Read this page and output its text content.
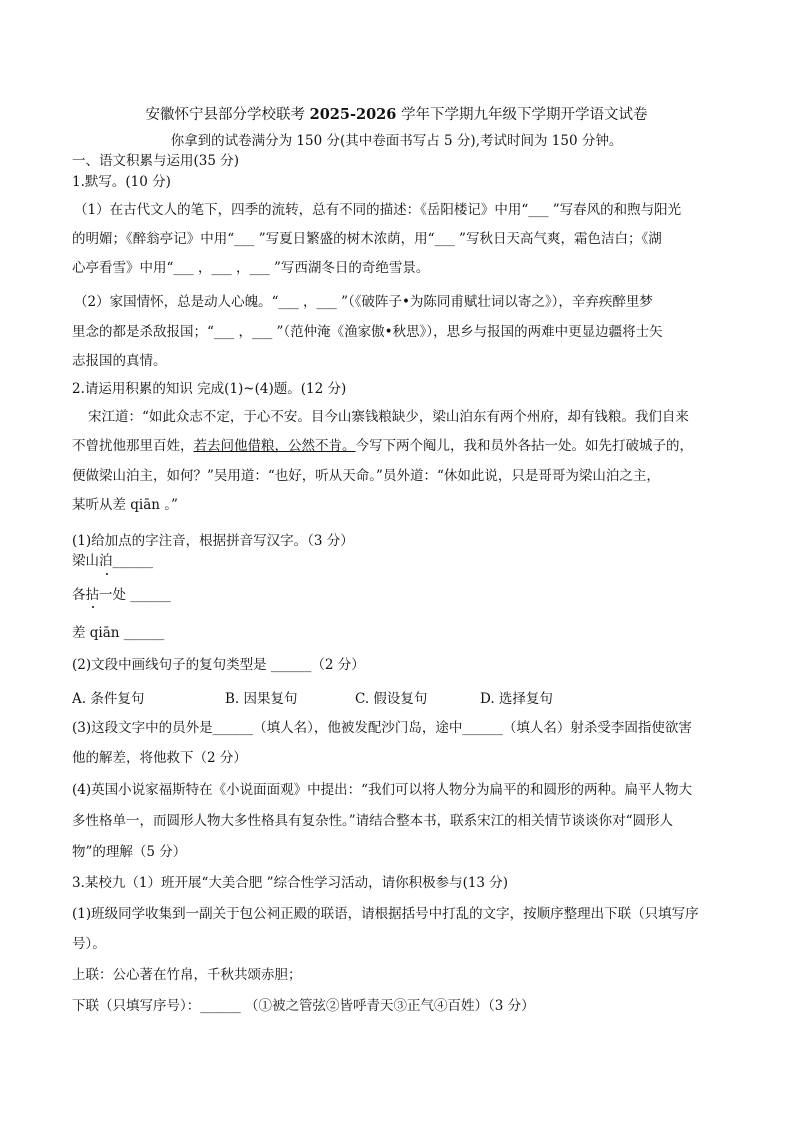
安徽怀宁县部分学校联考 2025-2026 学年下学期九年级下学期开学语文试卷
你拿到的试卷满分为 150 分(其中卷面书写占 5 分),考试时间为 150 分钟。
一、语文积累与运用(35 分)
1.默写。(10 分)
（1）在古代文人的笔下，四季的流转，总有不同的描述：《岳阳楼记》中用“___ ”写春风的和煦与阳光
的明媚；《醉翁亭记》中用“___ ”写夏日繁盛的树木浓荫，用“___ ”写秋日天高气爽，霜色洁白；《湖
心亭看雪》中用“___ ，___ ，___ ”写西湖冬日的奇绝雪景。
（2）家国情怀，总是动人心魄。“___ ，___ ”（《破阵子•为陈同甫赋壮词以寄之》），辛弃疾醉里梦
里念的都是杀敌报国；“___ ，___ ”（范仲淹《渔家傲•秋思》），思乡与报国的两难中更显边疆将士矢
志报国的真情。
2.请运用积累的知识 完成(1)~(4)题。(12 分)
宋江道：“如此众志不定，于心不安。目今山寨钱粮缺少，梁山泊东有两个州府，却有钱粮。我们自来
不曾扰他那里百姓，若去问他借粮，公然不肯。今写下两个阄儿，我和员外各拈一处。如先打破城子的，
便做梁山泊主，如何？”吴用道：“也好，听从天命。”员外道：“休如此说，只是哥哥为梁山泊之主，
某听从差 qiān 。”
(1)给加点的字注音，根据拼音写汉字。（3 分）
梁山泊______
各拈一处 ______
差 qiān ______
(2)文段中画线句子的复句类型是 ______（2 分）
A. 条件复句	B. 因果复句	C. 假设复句	D. 选择复句
(3)这段文字中的员外是______（填人名），他被发配沙门岛，途中______（填人名）射杀受李固指使欲害
他的解差，将他救下（2 分）
(4)英国小说家福斯特在《小说面面观》中提出：“我们可以将人物分为扁平的和圆形的两种。扁平人物大
多性格单一，而圆形人物大多性格具有复杂性。”请结合整本书，联系宋江的相关情节谈谈你对“圆形人
物”的理解（5 分）
3.某校九（1）班开展“大美合肥 ”综合性学习活动，请你积极参与(13 分)
(1)班级同学收集到一副关于包公祠正殿的联语，请根据括号中打乱的文字，按顺序整理出下联（只填写序
号）。
上联：公心著在竹帛，千秋共颂赤胆；
下联（只填写序号）：______ （①被之管弦②皆呼青天③正气④百姓）（3 分）
